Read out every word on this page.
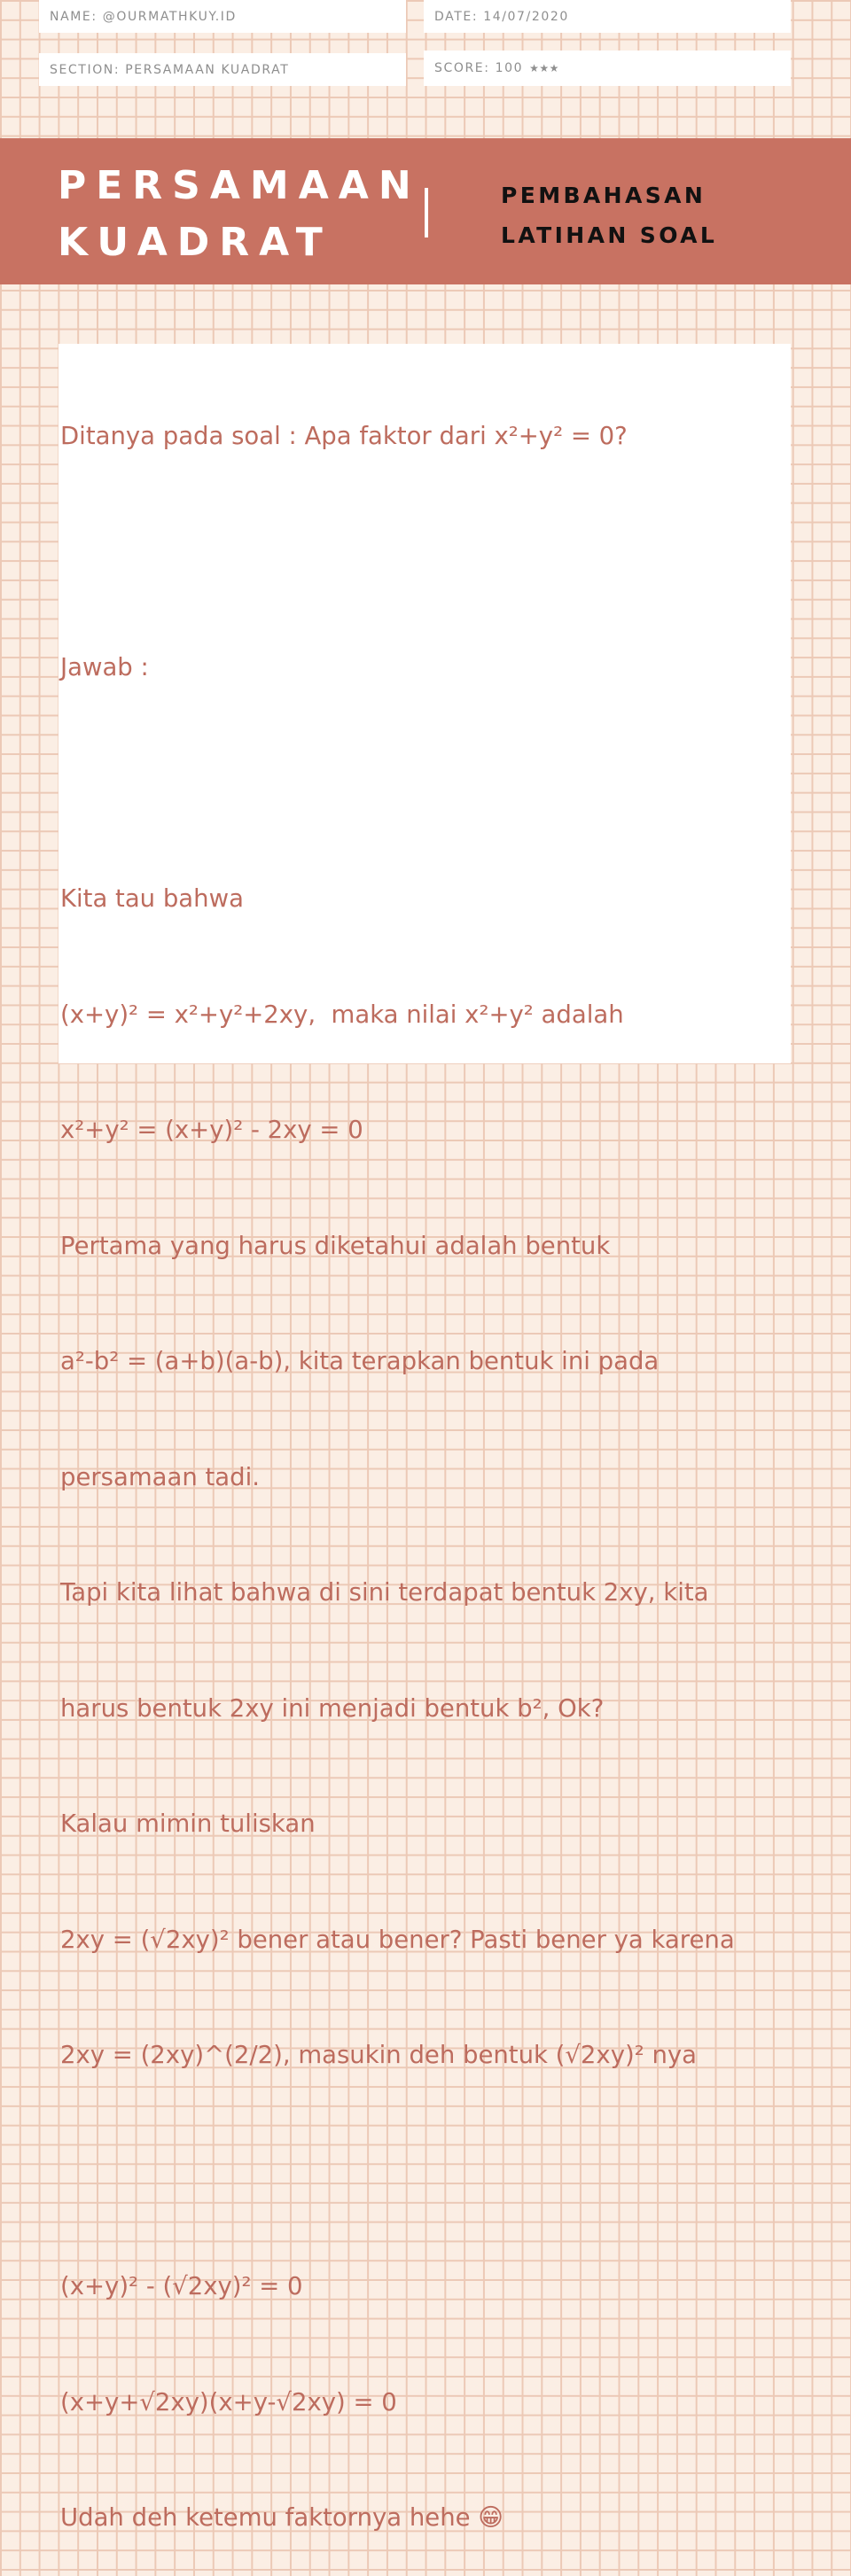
NAME: @OURMATHKUY.ID	DATE: 14/07/2020
SECTION: PERSAMAAN KUADRAT	SCORE: 100 ★★★
PERSAMAAN
KUADRAT
PEMBAHASAN
LATIHAN SOAL

Ditanya pada soal : Apa faktor dari x²+y² = 0?

Jawab :

Kita tau bahwa

(x+y)² = x²+y²+2xy,  maka nilai x²+y² adalah

x²+y² = (x+y)² - 2xy = 0

Pertama yang harus diketahui adalah bentuk

a²-b² = (a+b)(a-b), kita terapkan bentuk ini pada

persamaan tadi.

Tapi kita lihat bahwa di sini terdapat bentuk 2xy, kita

harus bentuk 2xy ini menjadi bentuk b², Ok?

Kalau mimin tuliskan

2xy = (√2xy)² bener atau bener? Pasti bener ya karena

2xy = (2xy)^(2/2), masukin deh bentuk (√2xy)² nya

(x+y)² - (√2xy)² = 0

(x+y+√2xy)(x+y-√2xy) = 0

Udah deh ketemu faktornya hehe 😁
